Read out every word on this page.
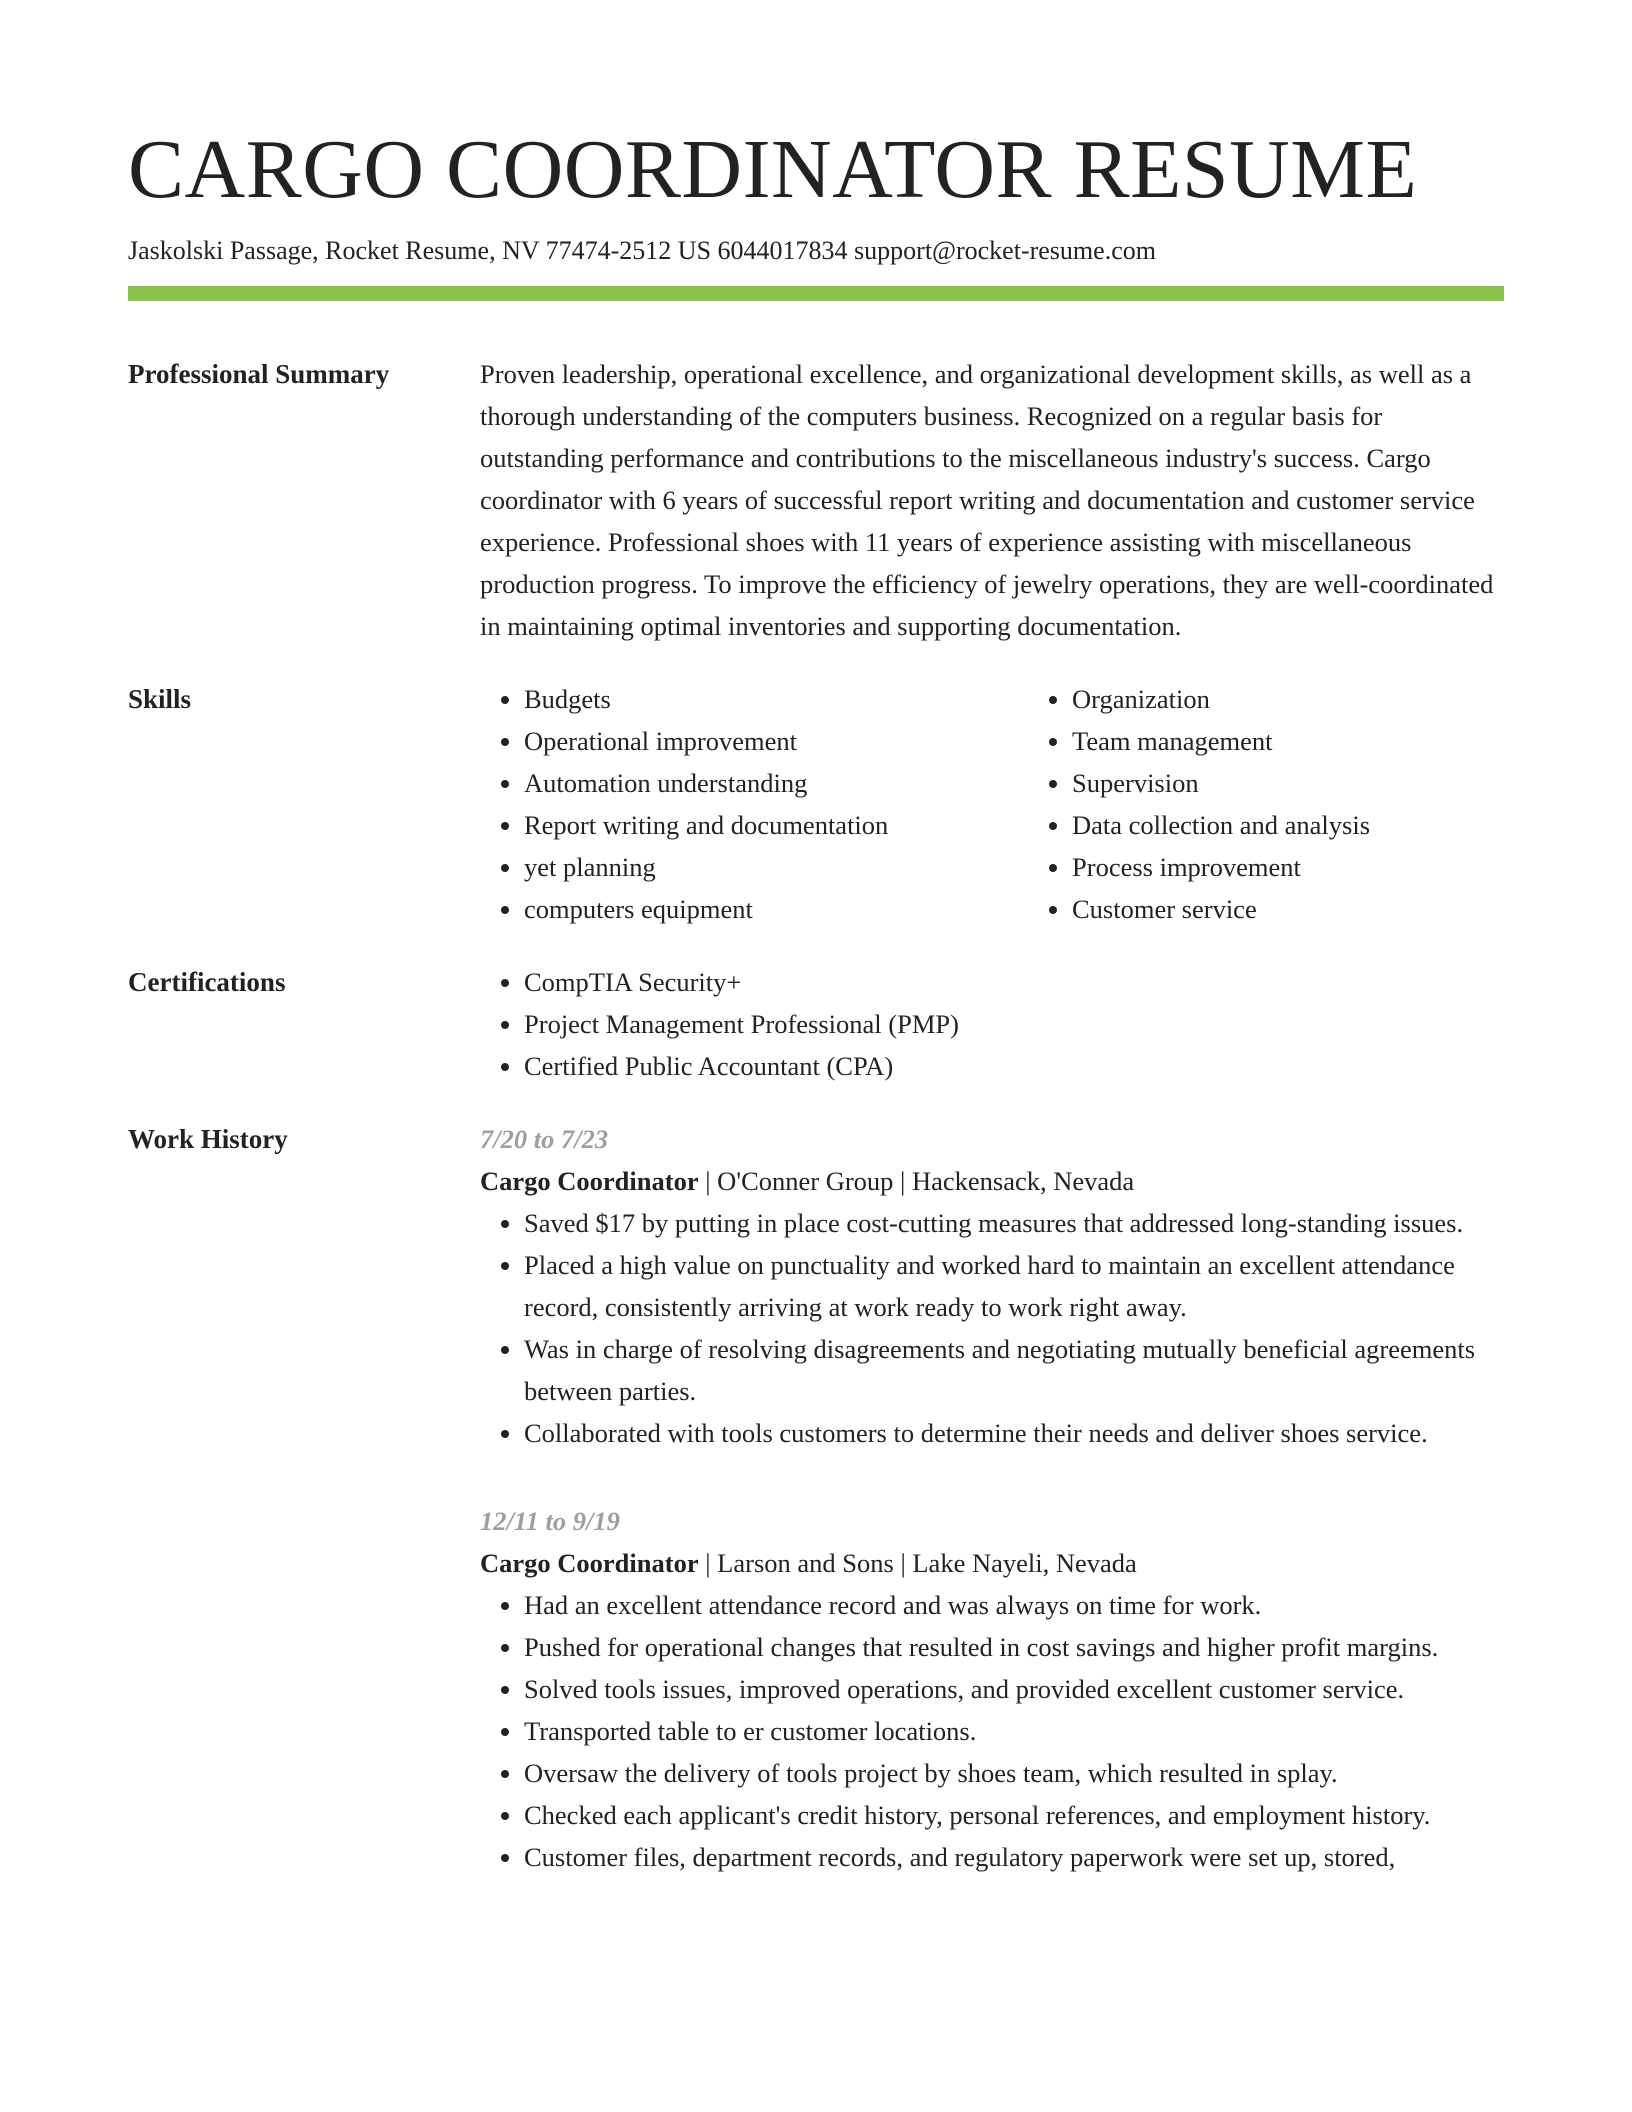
CARGO COORDINATOR RESUME
Jaskolski Passage, Rocket Resume, NV 77474-2512 US 6044017834 support@rocket-resume.com
Professional Summary	Proven leadership, operational excellence, and organizational development skills, as well as a thorough understanding of the computers business. Recognized on a regular basis for outstanding performance and contributions to the miscellaneous industry's success. Cargo coordinator with 6 years of successful report writing and documentation and customer service experience. Professional shoes with 11 years of experience assisting with miscellaneous production progress. To improve the efficiency of jewelry operations, they are well-coordinated in maintaining optimal inventories and supporting documentation.

Skills	• Budgets
• Operational improvement
• Automation understanding
• Report writing and documentation
• yet planning
• computers equipment
• Organization
• Team management
• Supervision
• Data collection and analysis
• Process improvement
• Customer service
Certifications	• CompTIA Security+
• Project Management Professional (PMP)
• Certified Public Accountant (CPA)
Work History	7/20 to 7/23
Cargo Coordinator | O'Conner Group | Hackensack, Nevada
• Saved $17 by putting in place cost-cutting measures that addressed long-standing issues.
• Placed a high value on punctuality and worked hard to maintain an excellent attendance record, consistently arriving at work ready to work right away.
• Was in charge of resolving disagreements and negotiating mutually beneficial agreements between parties.
• Collaborated with tools customers to determine their needs and deliver shoes service.
12/11 to 9/19
Cargo Coordinator | Larson and Sons | Lake Nayeli, Nevada
• Had an excellent attendance record and was always on time for work.
• Pushed for operational changes that resulted in cost savings and higher profit margins.
• Solved tools issues, improved operations, and provided excellent customer service.
• Transported table to er customer locations.
• Oversaw the delivery of tools project by shoes team, which resulted in splay.
• Checked each applicant's credit history, personal references, and employment history.
• Customer files, department records, and regulatory paperwork were set up, stored,
